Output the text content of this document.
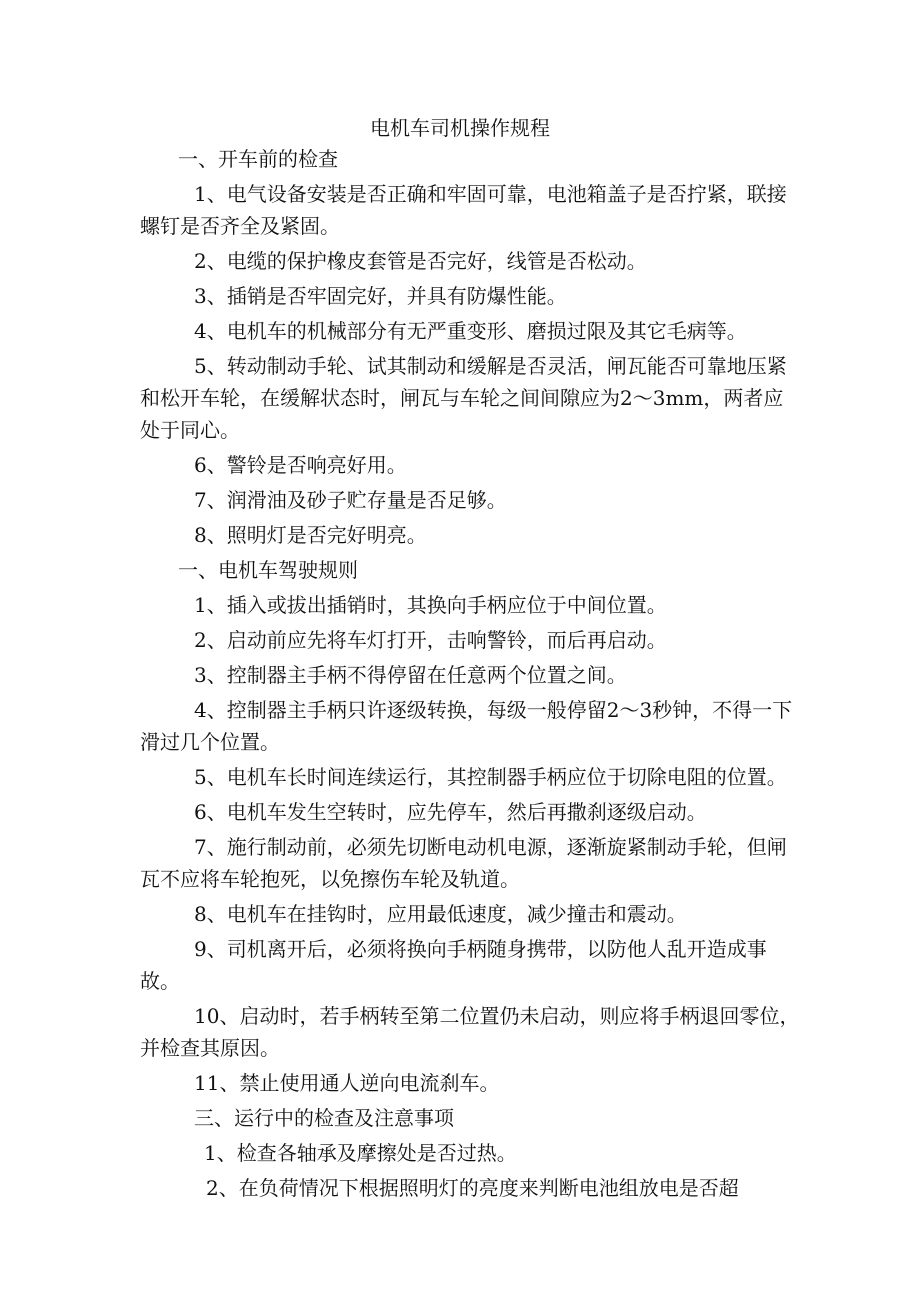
电机车司机操作规程

一、开车前的检查

1、电气设备安装是否正确和牢固可靠，电池箱盖子是否拧紧，联接螺钉是否齐全及紧固。

2、电缆的保护橡皮套管是否完好，线管是否松动。

3、插销是否牢固完好，并具有防爆性能。

4、电机车的机械部分有无严重变形、磨损过限及其它毛病等。

5、转动制动手轮、试其制动和缓解是否灵活，闸瓦能否可靠地压紧和松开车轮，在缓解状态时，闸瓦与车轮之间间隙应为2～3mm，两者应处于同心。

6、警铃是否响亮好用。

7、润滑油及砂子贮存量是否足够。

8、照明灯是否完好明亮。

一、电机车驾驶规则

1、插入或拔出插销时，其换向手柄应位于中间位置。

2、启动前应先将车灯打开，击响警铃，而后再启动。

3、控制器主手柄不得停留在任意两个位置之间。

4、控制器主手柄只许逐级转换，每级一般停留2～3秒钟，不得一下滑过几个位置。

5、电机车长时间连续运行，其控制器手柄应位于切除电阻的位置。

6、电机车发生空转时，应先停车，然后再撒刹逐级启动。

7、施行制动前，必须先切断电动机电源，逐渐旋紧制动手轮，但闸瓦不应将车轮抱死，以免擦伤车轮及轨道。

8、电机车在挂钩时，应用最低速度，减少撞击和震动。

9、司机离开后，必须将换向手柄随身携带，以防他人乱开造成事故。

10、启动时，若手柄转至第二位置仍未启动，则应将手柄退回零位，并检查其原因。

11、禁止使用通人逆向电流刹车。

三、运行中的检查及注意事项

1、检查各轴承及摩擦处是否过热。

2、在负荷情况下根据照明灯的亮度来判断电池组放电是否超
